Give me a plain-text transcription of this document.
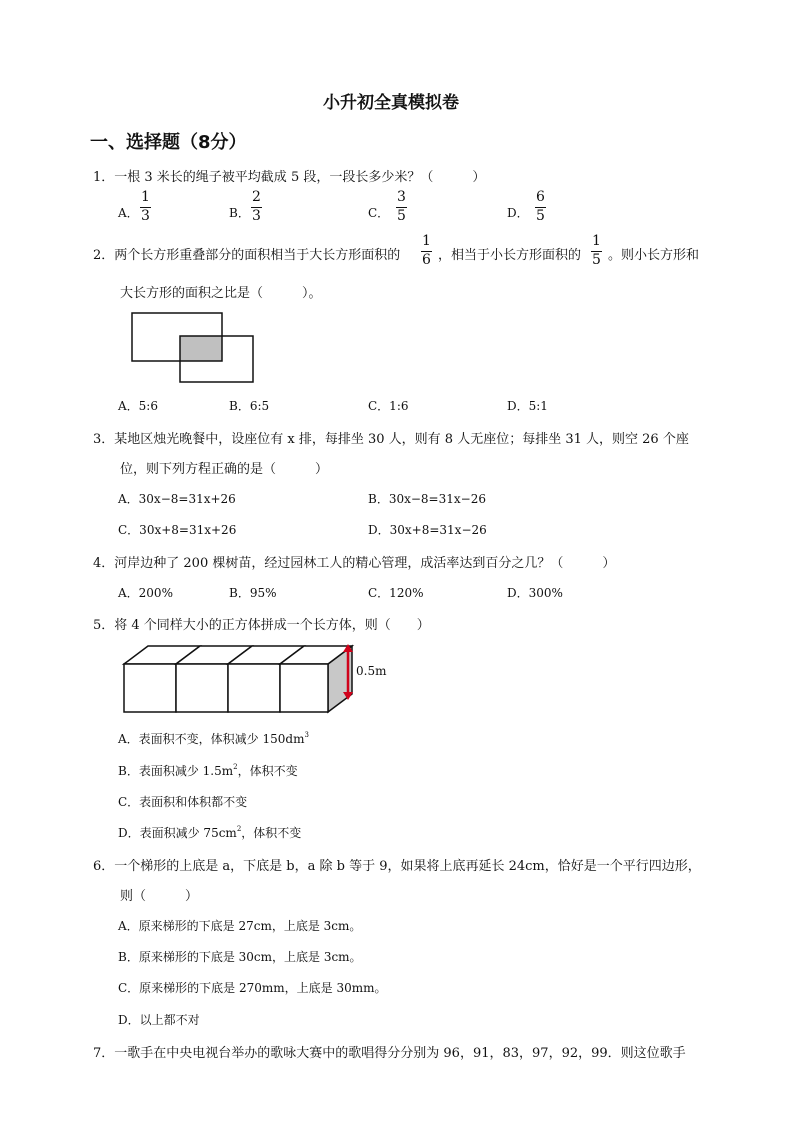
小升初全真模拟卷
一、选择题（8分）
1．一根 3 米长的绳子被平均截成 5 段，一段长多少米？（　　　）
A．
1
3	B．
2
3	C．
3
5	D．
6
5
2．两个长方形重叠部分的面积相当于大长方形面积的
1
6 ，相当于小长方形面积的
1
5 。则小长方形和
大长方形的面积之比是（　　　）。
A．5:6	B．6:5	C．1:6	D．5:1
3．某地区烛光晚餐中，设座位有 x 排，每排坐 30 人，则有 8 人无座位；每排坐 31 人，则空 26 个座
位，则下列方程正确的是（　　　）
A．30x−8=31x+26	B．30x−8=31x−26
C．30x+8=31x+26	D．30x+8=31x−26
4．河岸边种了 200 棵树苗，经过园林工人的精心管理，成活率达到百分之几？（　　　）
A．200%	B．95%	C．120%	D．300%
5．将 4 个同样大小的正方体拼成一个长方体，则（　　）
0.5m
A．表面积不变，体积减少 $150dm^3$
B．表面积减少 $1.5m^2$，体积不变
C．表面积和体积都不变
D．表面积减少 $75cm^2$，体积不变
6．一个梯形的上底是 a，下底是 b，a 除 b 等于 9，如果将上底再延长 24cm，恰好是一个平行四边形，
则（　　　）
A．原来梯形的下底是 27cm，上底是 3cm。
B．原来梯形的下底是 30cm，上底是 3cm。
C．原来梯形的下底是 270mm，上底是 30mm。
D．以上都不对
7．一歌手在中央电视台举办的歌咏大赛中的歌唱得分分别为 96，91，83，97，92，99．则这位歌手
